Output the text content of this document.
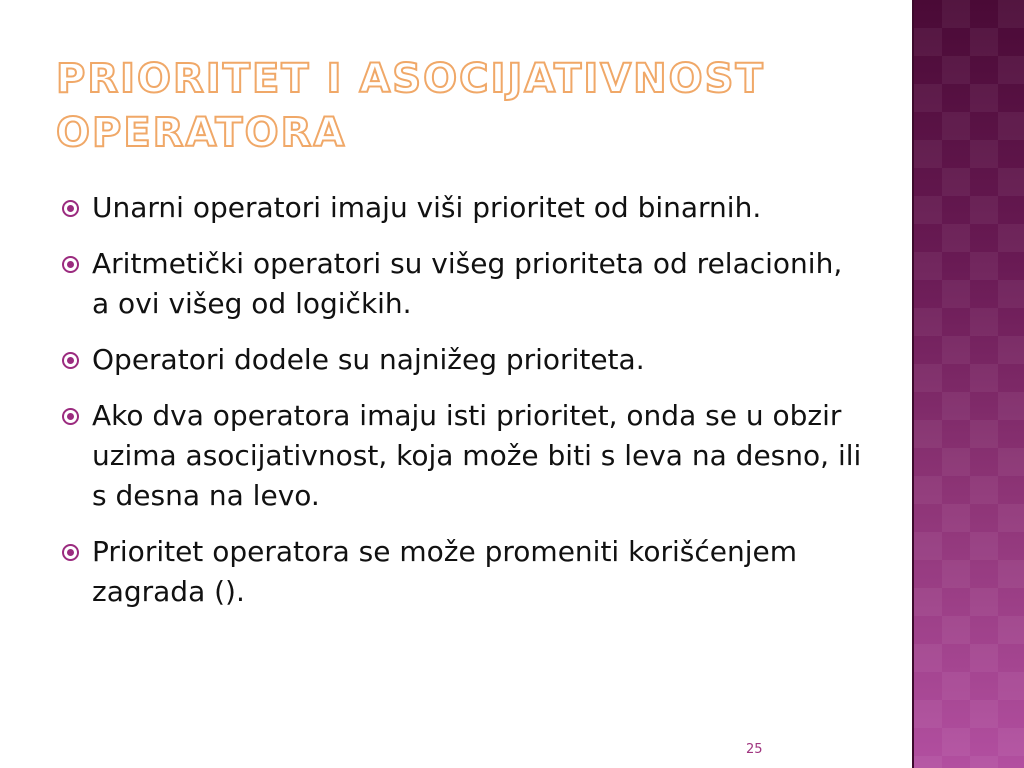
PRIORITET I ASOCIJATIVNOST OPERATORA
Unarni operatori imaju viši prioritet od binarnih.
Aritmetički operatori su višeg prioriteta od relacionih, a ovi višeg od logičkih.
Operatori dodele su najnižeg prioriteta.
Ako dva operatora imaju isti prioritet, onda se u obzir uzima asocijativnost, koja može biti s leva na desno, ili s desna na levo.
Prioritet operatora se može promeniti korišćenjem zagrada ().
25
